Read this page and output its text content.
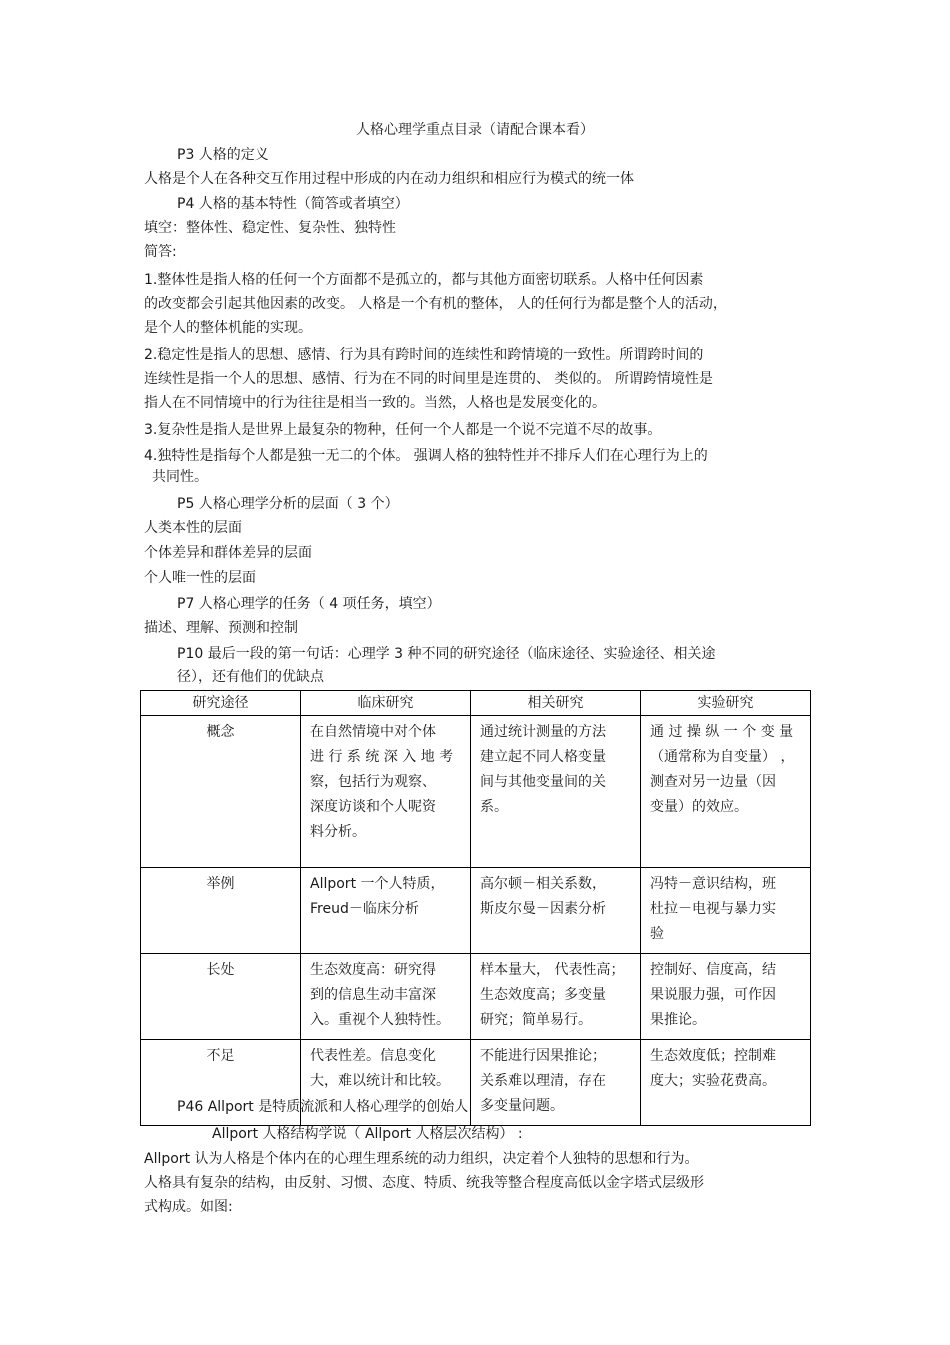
人格心理学重点目录（请配合课本看）
P3 人格的定义
人格是个人在各种交互作用过程中形成的内在动力组织和相应行为模式的统一体
P4 人格的基本特性（简答或者填空）
填空：整体性、稳定性、复杂性、独特性
简答:
1.整体性是指人格的任何一个方面都不是孤立的，都与其他方面密切联系。人格中任何因素
的改变都会引起其他因素的改变。 人格是一个有机的整体， 人的任何行为都是整个人的活动，
是个人的整体机能的实现。
2.稳定性是指人的思想、感情、行为具有跨时间的连续性和跨情境的一致性。所谓跨时间的
连续性是指一个人的思想、感情、行为在不同的时间里是连贯的、 类似的。 所谓跨情境性是
指人在不同情境中的行为往往是相当一致的。当然，人格也是发展变化的。
3.复杂性是指人是世界上最复杂的物种，任何一个人都是一个说不完道不尽的故事。
4.独特性是指每个人都是独一无二的个体。 强调人格的独特性并不排斥人们在心理行为上的
共同性。
P5 人格心理学分析的层面（ 3 个）
人类本性的层面
个体差异和群体差异的层面
个人唯一性的层面
P7 人格心理学的任务（ 4 项任务，填空）
描述、理解、预测和控制
P10 最后一段的第一句话：心理学 3 种不同的研究途径（临床途径、实验途径、相关途
径），还有他们的优缺点
研究途径	临床研究	相关研究	实验研究
概念	在自然情境中对个体
进 行 系 统 深 入 地 考
察，包括行为观察、
深度访谈和个人呢资
料分析。	通过统计测量的方法
建立起不同人格变量
间与其他变量间的关
系。	通 过 操 纵 一 个 变 量
（通常称为自变量） ，
测查对另一边量（因
变量）的效应。

举例	Allport 一个人特质，
Freud－临床分析	高尔顿－相关系数，
斯皮尔曼－因素分析	冯特－意识结构，班
杜拉－电视与暴力实
验

长处	生态效度高：研究得
到的信息生动丰富深
入。重视个人独特性。	样本量大， 代表性高；
生态效度高；多变量
研究；简单易行。	控制好、信度高，结
果说服力强，可作因
果推论。

不足	代表性差。信息变化
大，难以统计和比较。	不能进行因果推论；
关系难以理清，存在
多变量问题。	生态效度低；控制难
度大；实验花费高。
P46 Allport 是特质流派和人格心理学的创始人
Allport 人格结构学说（ Allport 人格层次结构） :
Allport 认为人格是个体内在的心理生理系统的动力组织，决定着个人独特的思想和行为。
人格具有复杂的结构，由反射、习惯、态度、特质、统我等整合程度高低以金字塔式层级形
式构成。如图:
